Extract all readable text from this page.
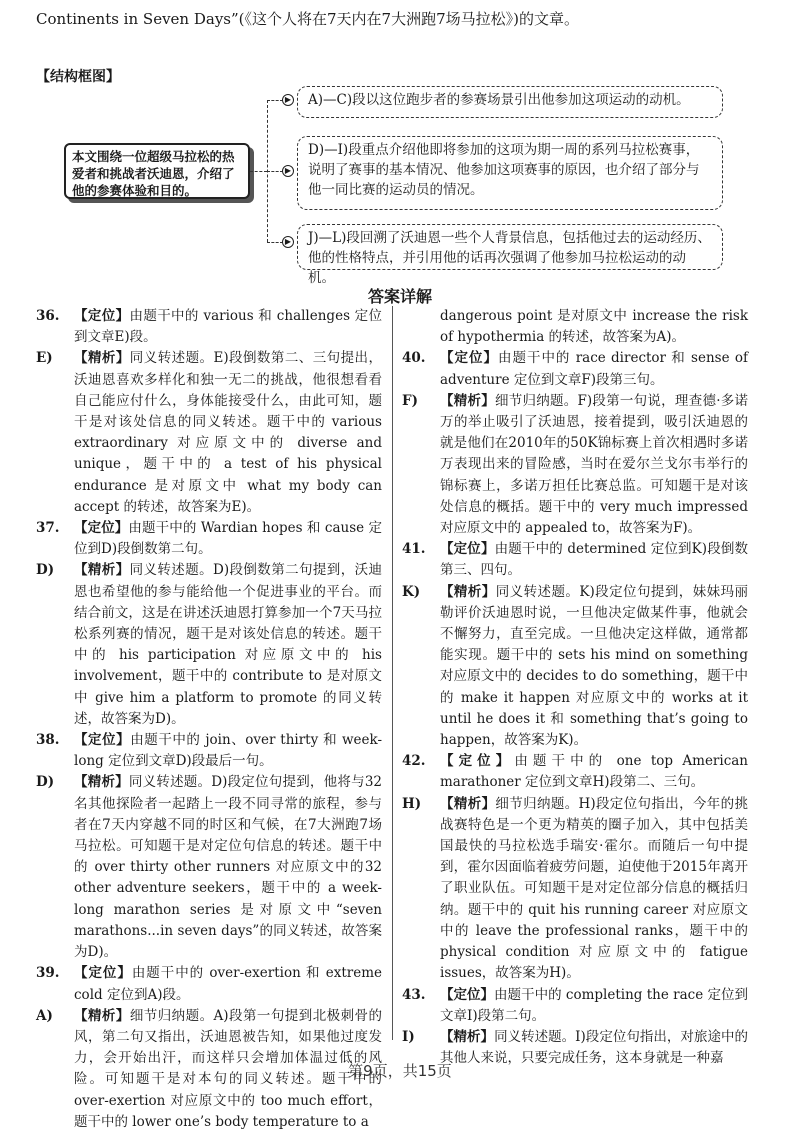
Continents in Seven Days”(《这个人将在7天内在7大洲跑7场马拉松》)的文章。
【结构框图】
本文围绕一位超级马拉松的热爱者和挑战者沃迪恩，介绍了他的参赛体验和目的。
▶
▶
▶
A)—C)段以这位跑步者的参赛场景引出他参加这项运动的动机。
D)—I)段重点介绍他即将参加的这项为期一周的系列马拉松赛事，说明了赛事的基本情况、他参加这项赛事的原因，也介绍了部分与他一同比赛的运动员的情况。
J)—L)段回溯了沃迪恩一些个人背景信息，包括他过去的运动经历、他的性格特点，并引用他的话再次强调了他参加马拉松运动的动机。
答案详解
36.	【定位】由题干中的 various 和 challenges 定位到文章E)段。
E)	【精析】同义转述题。E)段倒数第二、三句提出，沃迪恩喜欢多样化和独一无二的挑战，他很想看看自己能应付什么，身体能接受什么，由此可知，题干是对该处信息的同义转述。题干中的 various extraordinary 对应原文中的 diverse and unique，题干中的 a test of his physical endurance 是对原文中 what my body can accept 的转述，故答案为E)。
37.	【定位】由题干中的 Wardian hopes 和 cause 定位到D)段倒数第二句。
D)	【精析】同义转述题。D)段倒数第二句提到，沃迪恩也希望他的参与能给他一个促进事业的平台。而结合前文，这是在讲述沃迪恩打算参加一个7天马拉松系列赛的情况，题干是对该处信息的转述。题干中的 his participation 对应原文中的 his involvement，题干中的 contribute to 是对原文中 give him a platform to promote 的同义转述，故答案为D)。
38.	【定位】由题干中的 join、over thirty 和 week-long 定位到文章D)段最后一句。
D)	【精析】同义转述题。D)段定位句提到，他将与32名其他探险者一起踏上一段不同寻常的旅程，参与者在7天内穿越不同的时区和气候，在7大洲跑7场马拉松。可知题干是对定位句信息的转述。题干中的 over thirty other runners 对应原文中的32 other adventure seekers，题干中的 a week-long marathon series 是对原文中“seven marathons...in seven days”的同义转述，故答案为D)。
39.	【定位】由题干中的 over-exertion 和 extreme cold 定位到A)段。
A)	【精析】细节归纳题。A)段第一句提到北极刺骨的风，第二句又指出，沃迪恩被告知，如果他过度发力，会开始出汗，而这样只会增加体温过低的风险。可知题干是对本句的同义转述。题干中的 over-exertion 对应原文中的 too much effort，题干中的 lower one’s body temperature to a
dangerous point 是对原文中 increase the risk of hypothermia 的转述，故答案为A)。
40.	【定位】由题干中的 race director 和 sense of adventure 定位到文章F)段第三句。
F)	【精析】细节归纳题。F)段第一句说，理查德·多诺万的举止吸引了沃迪恩，接着提到，吸引沃迪恩的就是他们在2010年的50K锦标赛上首次相遇时多诺万表现出来的冒险感，当时在爱尔兰戈尔韦举行的锦标赛上，多诺万担任比赛总监。可知题干是对该处信息的概括。题干中的 very much impressed 对应原文中的 appealed to，故答案为F)。
41.	【定位】由题干中的 determined 定位到K)段倒数第三、四句。
K)	【精析】同义转述题。K)段定位句提到，妹妹玛丽勒评价沃迪恩时说，一旦他决定做某件事，他就会不懈努力，直至完成。一旦他决定这样做，通常都能实现。题干中的 sets his mind on something 对应原文中的 decides to do something，题干中的 make it happen 对应原文中的 works at it until he does it 和 something that’s going to happen，故答案为K)。
42.	【定位】由题干中的 one top American marathoner 定位到文章H)段第二、三句。
H)	【精析】细节归纳题。H)段定位句指出，今年的挑战赛特色是一个更为精英的圈子加入，其中包括美国最快的马拉松选手瑞安·霍尔。而随后一句中提到，霍尔因面临着疲劳问题，迫使他于2015年离开了职业队伍。可知题干是对定位部分信息的概括归纳。题干中的 quit his running career 对应原文中的 leave the professional ranks，题干中的 physical condition 对应原文中的 fatigue issues，故答案为H)。
43.	【定位】由题干中的 completing the race 定位到文章I)段第二句。
I)	【精析】同义转述题。I)段定位句指出，对旅途中的其他人来说，只要完成任务，这本身就是一种嘉
第9页，共15页
